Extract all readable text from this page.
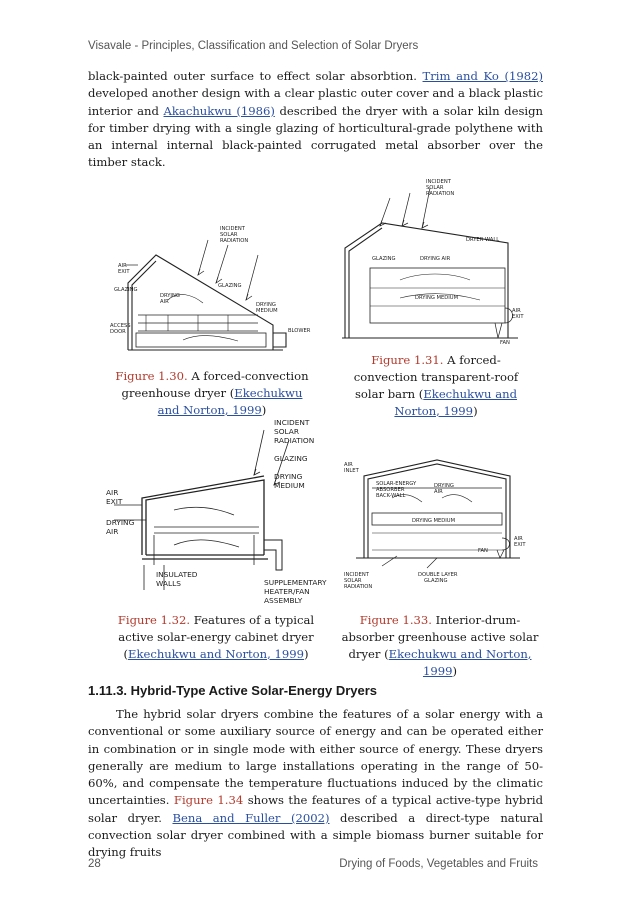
Visavale - Principles, Classification and Selection of Solar Dryers

black-painted outer surface to effect solar absorbtion. Trim and Ko (1982) developed another design with a clear plastic outer cover and a black plastic interior and Akachukwu (1986) described the dryer with a solar kiln design for timber drying with a single glazing of horticultural-grade polythene with an internal internal black-painted corrugated metal absorber over the timber stack.

INCIDENT
SOLAR
RADIATION
AIR
EXIT
GLAZING
GLAZING
DRYING
AIR	DRYING
MEDIUM
ACCESS
DOOR	BLOWER
INCIDENT
SOLAR
RADIATION
DRYER WALL
GLAZING	DRYING AIR
DRYING MEDIUM
AIR
EXIT
FAN

Figure 1.30. A forced-convection greenhouse dryer (Ekechukwu and Norton, 1999)

Figure 1.31. A forced-convection transparent-roof solar barn (Ekechukwu and Norton, 1999)

INCIDENT
SOLAR
RADIATION
GLAZING
DRYING
MEDIUM
AIR
EXIT
DRYING
AIR
INSULATED
WALLS	SUPPLEMENTARY
HEATER/FAN
ASSEMBLY
AIR
INLET
SOLAR-ENERGY
ABSORBER
BACK-WALL
DRYING
AIR
DRYING MEDIUM
AIR
EXIT
FAN
INCIDENT
SOLAR
RADIATION
DOUBLE LAYER
GLAZING

Figure 1.32. Features of a typical active solar-energy cabinet dryer (Ekechukwu and Norton, 1999)

Figure 1.33. Interior-drum-absorber greenhouse active solar dryer (Ekechukwu and Norton, 1999)

1.11.3. Hybrid-Type Active Solar-Energy Dryers

The hybrid solar dryers combine the features of a solar energy with a conventional or some auxiliary source of energy and can be operated either in combination or in single mode with either source of energy. These dryers generally are medium to large installations operating in the range of 50-60%, and compensate the temperature fluctuations induced by the climatic uncertainties. Figure 1.34 shows the features of a typical active-type hybrid solar dryer. Bena and Fuller (2002) described a direct-type natural convection solar dryer combined with a simple biomass burner suitable for drying fruits

28	Drying of Foods, Vegetables and Fruits
